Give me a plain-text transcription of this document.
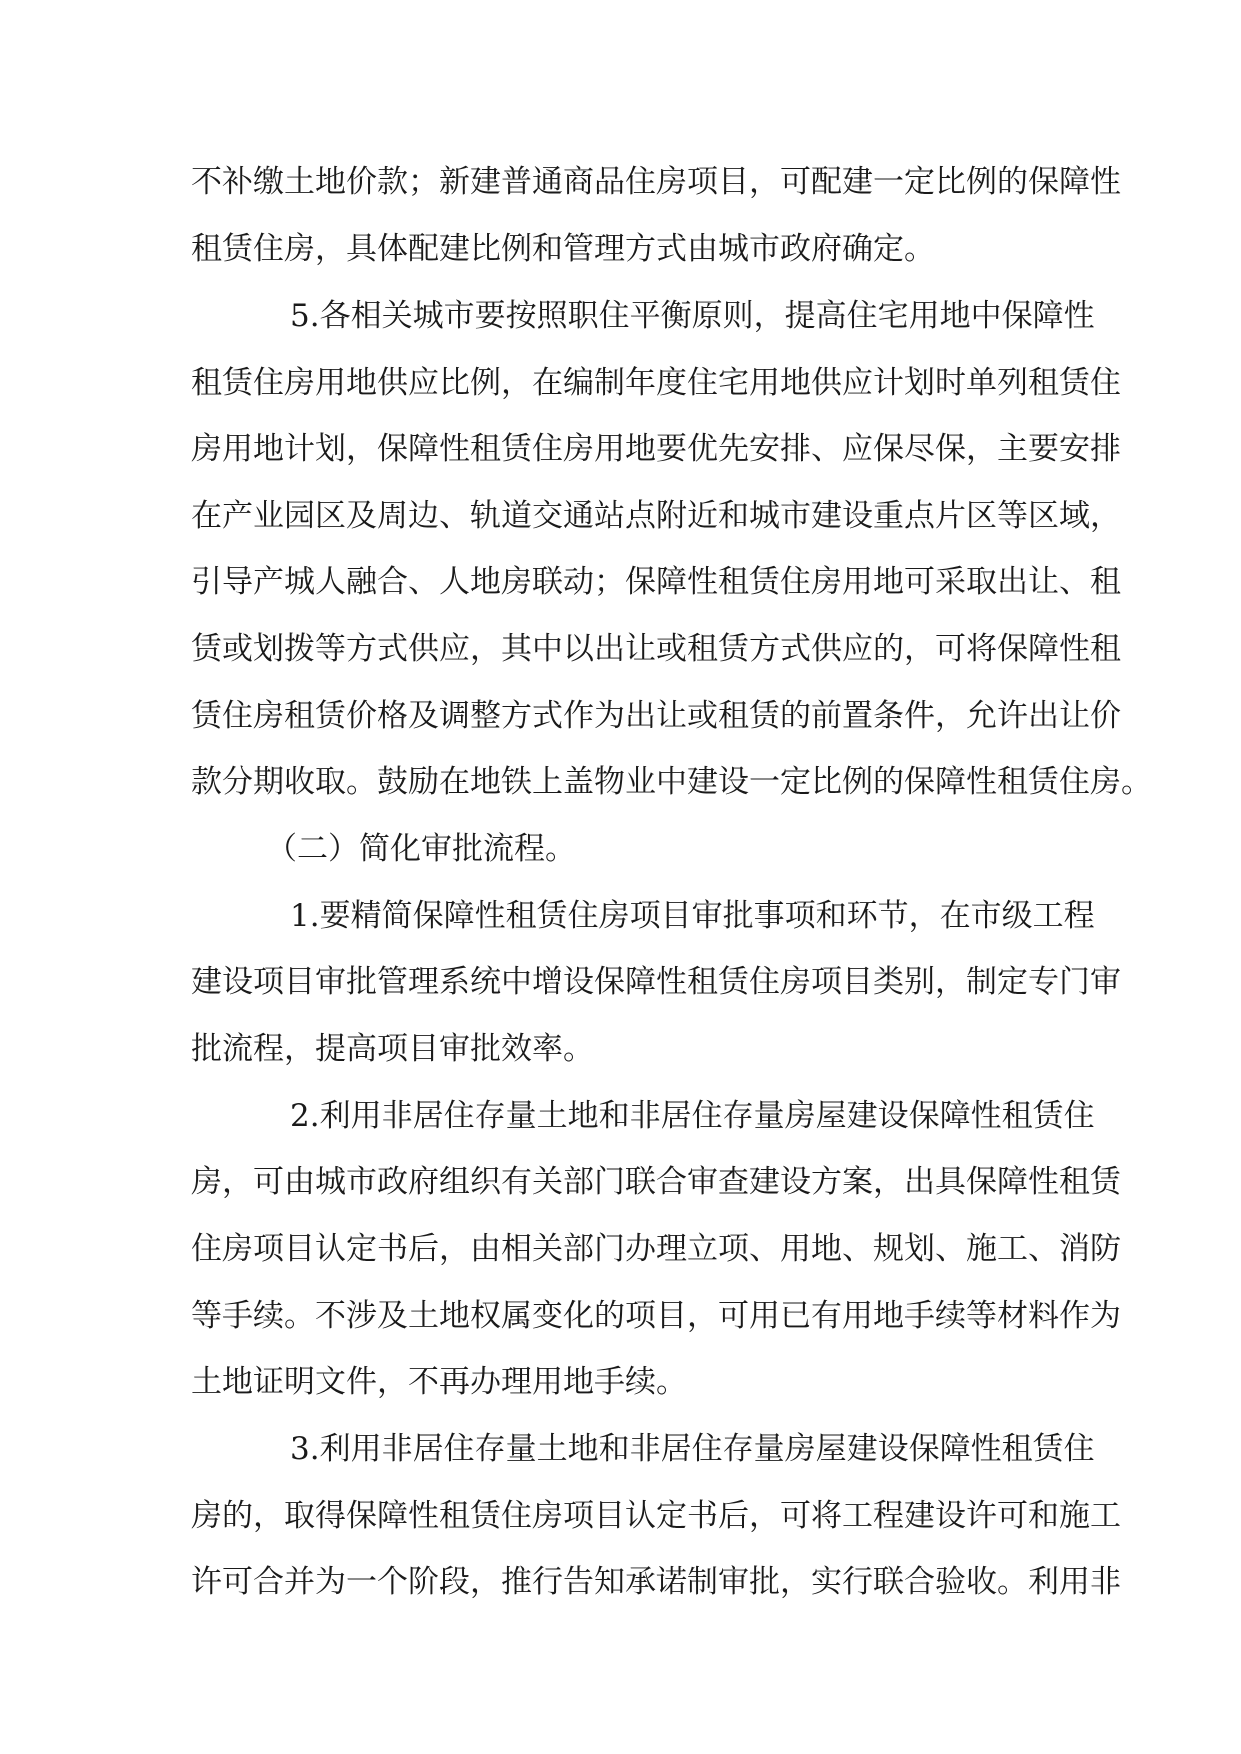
不补缴土地价款；新建普通商品住房项目，可配建一定比例的保障性
租赁住房，具体配建比例和管理方式由城市政府确定。
5.各相关城市要按照职住平衡原则，提高住宅用地中保障性
租赁住房用地供应比例，在编制年度住宅用地供应计划时单列租赁住
房用地计划，保障性租赁住房用地要优先安排、应保尽保，主要安排
在产业园区及周边、轨道交通站点附近和城市建设重点片区等区域，
引导产城人融合、人地房联动；保障性租赁住房用地可采取出让、租
赁或划拨等方式供应，其中以出让或租赁方式供应的，可将保障性租
赁住房租赁价格及调整方式作为出让或租赁的前置条件，允许出让价
款分期收取。鼓励在地铁上盖物业中建设一定比例的保障性租赁住房。
（二）简化审批流程。
1.要精简保障性租赁住房项目审批事项和环节，在市级工程
建设项目审批管理系统中增设保障性租赁住房项目类别，制定专门审
批流程，提高项目审批效率。
2.利用非居住存量土地和非居住存量房屋建设保障性租赁住
房，可由城市政府组织有关部门联合审查建设方案，出具保障性租赁
住房项目认定书后，由相关部门办理立项、用地、规划、施工、消防
等手续。不涉及土地权属变化的项目，可用已有用地手续等材料作为
土地证明文件，不再办理用地手续。
3.利用非居住存量土地和非居住存量房屋建设保障性租赁住
房的，取得保障性租赁住房项目认定书后，可将工程建设许可和施工
许可合并为一个阶段，推行告知承诺制审批，实行联合验收。利用非
